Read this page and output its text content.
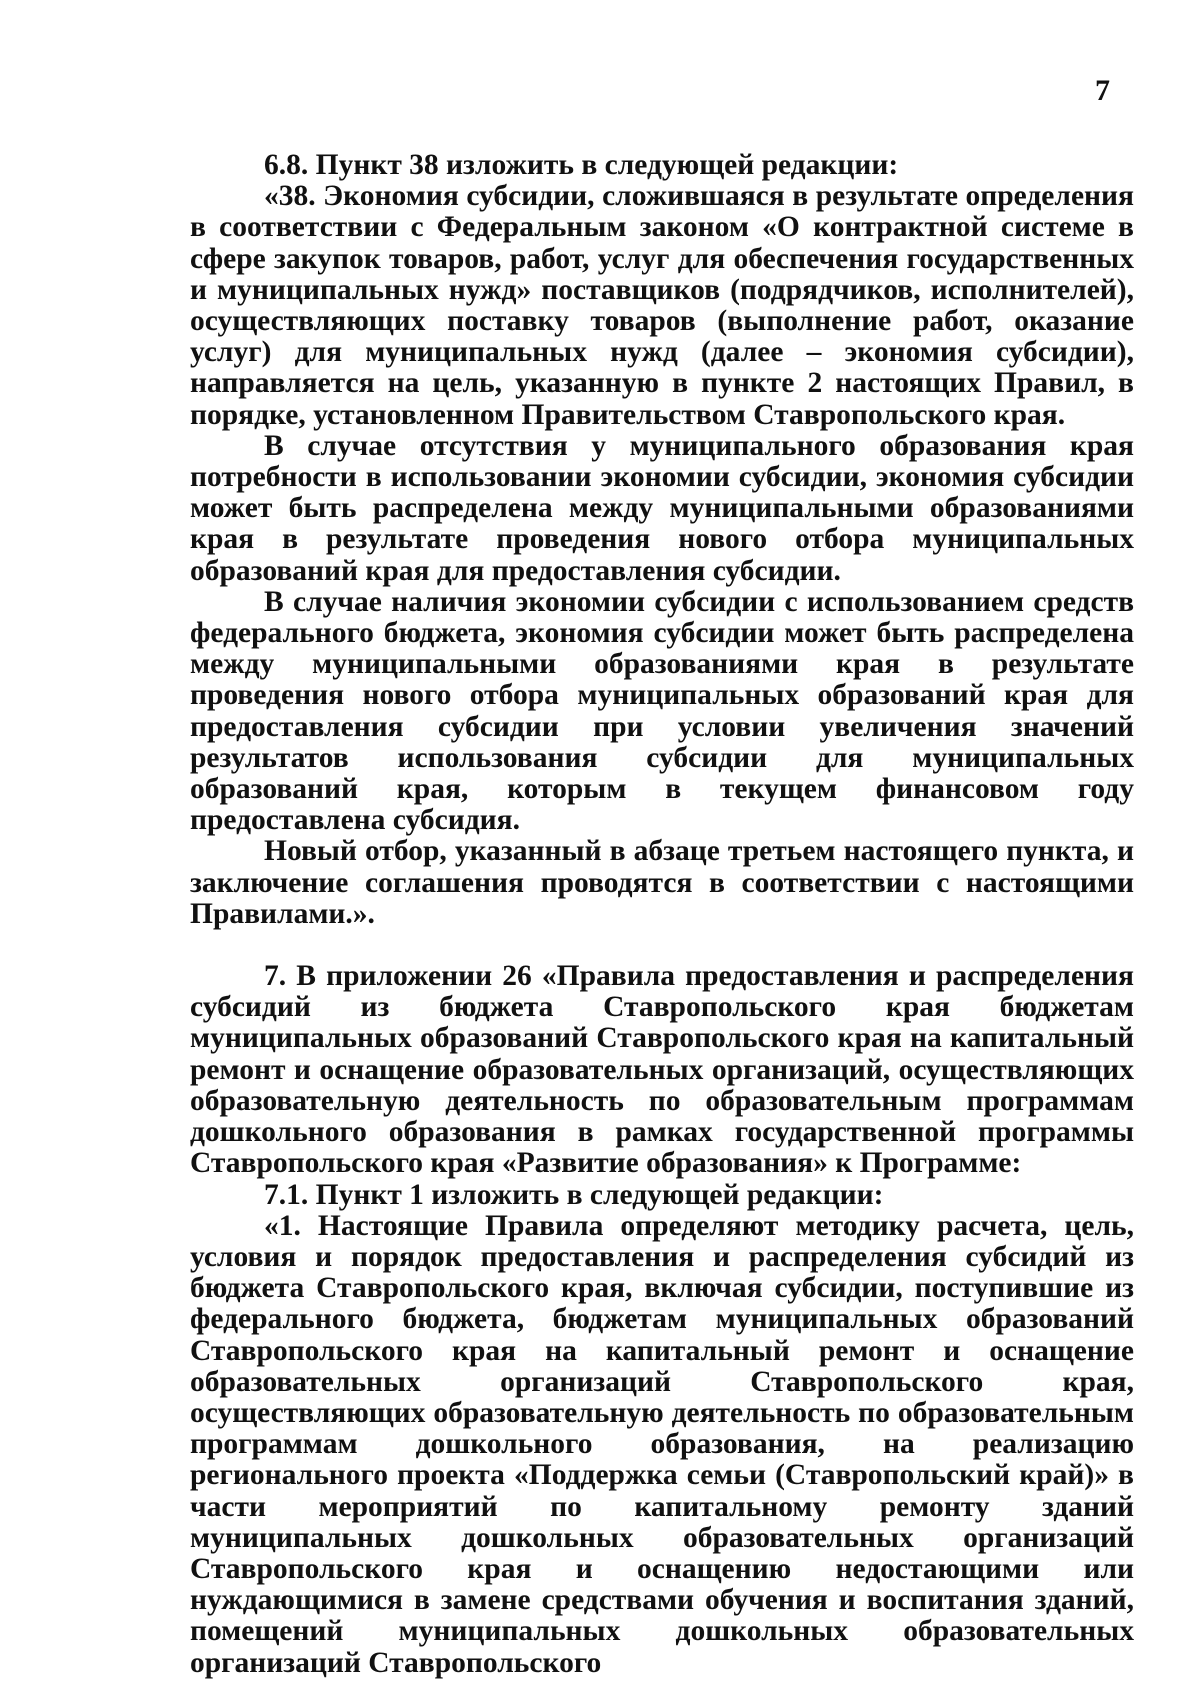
7

6.8. Пункт 38 изложить в следующей редакции:

«38. Экономия субсидии, сложившаяся в результате определения в соответствии с Федеральным законом «О контрактной системе в сфере закупок товаров, работ, услуг для обеспечения государственных и муниципальных нужд» поставщиков (подрядчиков, исполнителей), осуществляющих поставку товаров (выполнение работ, оказание услуг) для муниципальных нужд (далее – экономия субсидии), направляется на цель, указанную в пункте 2 настоящих Правил, в порядке, установленном Правительством Ставропольского края.

В случае отсутствия у муниципального образования края потребности в использовании экономии субсидии, экономия субсидии может быть распределена между муниципальными образованиями края в результате проведения нового отбора муниципальных образований края для предоставления субсидии.

В случае наличия экономии субсидии с использованием средств федерального бюджета, экономия субсидии может быть распределена между муниципальными образованиями края в результате проведения нового отбора муниципальных образований края для предоставления субсидии при условии увеличения значений результатов использования субсидии для муниципальных образований края, которым в текущем финансовом году предоставлена субсидия.

Новый отбор, указанный в абзаце третьем настоящего пункта, и заключение соглашения проводятся в соответствии с настоящими Правилами.».

7. В приложении 26 «Правила предоставления и распределения субсидий из бюджета Ставропольского края бюджетам муниципальных образований Ставропольского края на капитальный ремонт и оснащение образовательных организаций, осуществляющих образовательную деятельность по образовательным программам дошкольного образования в рамках государственной программы Ставропольского края «Развитие образования» к Программе:

7.1. Пункт 1 изложить в следующей редакции:

«1. Настоящие Правила определяют методику расчета, цель, условия и порядок предоставления и распределения субсидий из бюджета Ставропольского края, включая субсидии, поступившие из федерального бюджета, бюджетам муниципальных образований Ставропольского края на капитальный ремонт и оснащение образовательных организаций Ставропольского края, осуществляющих образовательную деятельность по образовательным программам дошкольного образования, на реализацию регионального проекта «Поддержка семьи (Ставропольский край)» в части мероприятий по капитальному ремонту зданий муниципальных дошкольных образовательных организаций Ставропольского края и оснащению недостающими или нуждающимися в замене средствами обучения и воспитания зданий, помещений муниципальных дошкольных образовательных организаций Ставропольского
